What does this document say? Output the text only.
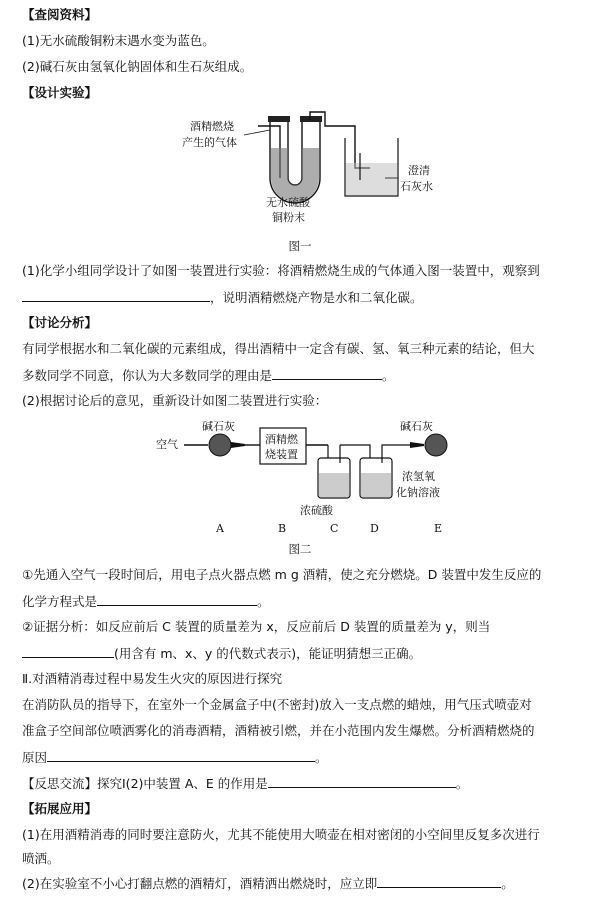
【查阅资料】
(1)无水硫酸铜粉末遇水变为蓝色。
(2)碱石灰由氢氧化钠固体和生石灰组成。
【设计实验】
酒精燃烧
产生的气体
澄清
石灰水
无水硫酸
铜粉末
图一
(1)化学小组同学设计了如图一装置进行实验：将酒精燃烧生成的气体通入图一装置中，观察到
，说明酒精燃烧产物是水和二氧化碳。
【讨论分析】
有同学根据水和二氧化碳的元素组成，得出酒精中一定含有碳、氢、氧三种元素的结论，但大
多数同学不同意，你认为大多数同学的理由是	。
(2)根据讨论后的意见，重新设计如图二装置进行实验：
空气
碱石灰	碱石灰
酒精燃
烧装置
浓硫酸
浓氢氧
化钠溶液
A	B	C	D	E
图二
①先通入空气一段时间后，用电子点火器点燃 m g 酒精，使之充分燃烧。D 装置中发生反应的
化学方程式是	。
②证据分析：如反应前后 C 装置的质量差为 x，反应前后 D 装置的质量差为 y，则当
(用含有 m、x、y 的代数式表示)，能证明猜想三正确。
Ⅱ.对酒精消毒过程中易发生火灾的原因进行探究
在消防队员的指导下，在室外一个金属盒子中(不密封)放入一支点燃的蜡烛，用气压式喷壶对
准盒子空间部位喷洒雾化的消毒酒精，酒精被引燃，并在小范围内发生爆燃。分析酒精燃烧的
原因	。
【反思交流】探究Ⅰ(2)中装置 A、E 的作用是	。
【拓展应用】
(1)在用酒精消毒的同时要注意防火，尤其不能使用大喷壶在相对密闭的小空间里反复多次进行
喷洒。
(2)在实验室不小心打翻点燃的酒精灯，酒精洒出燃烧时，应立即	。
